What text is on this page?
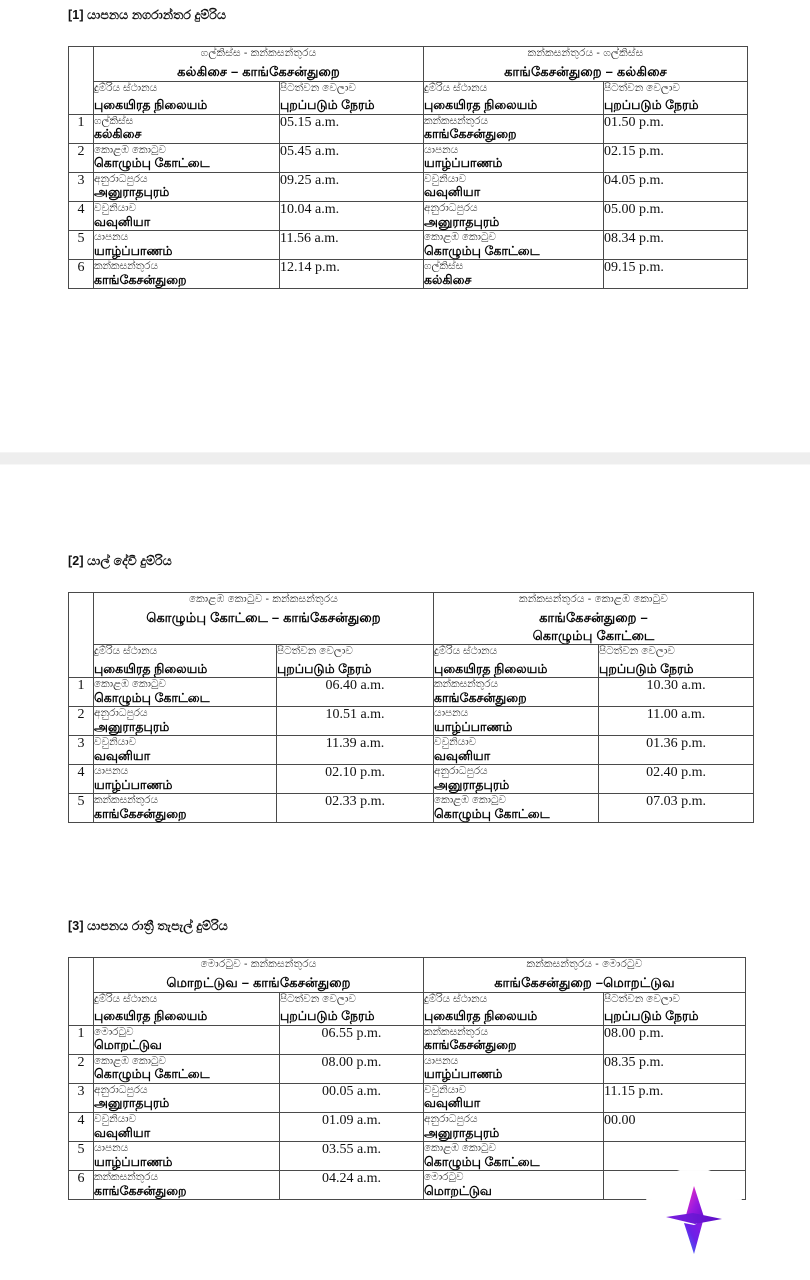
[1] යාපනය නගරාන්තර දුම්රිය

	ගල්කිස්ස - කන්කසන්තුරය
கல்கிசை – காங்கேசன்துறை		කන්කසන්තුරය - ගල්කිස්ස
காங்கேசன்துறை – கல்கிசை	

	දුම්රිය ස්ථානය
புகையிரத நிலையம்	පිටත්වන වෙලාව
புறப்படும் நேரம்	දුම්රිය ස්ථානය
புகையிரத நிலையம்	පිටත්වන වෙලාව
புறப்படும் நேரம்

1	ගල්කිස්ස
கல்கிசை	05.15 a.m.	කන්කසන්තුරය
காங்கேசன்துறை	01.50 p.m.
2	කොළඹ කොටුව
கொழும்பு கோட்டை	05.45 a.m.	යාපනය
யாழ்ப்பாணம்	02.15 p.m.
3	අනුරාධපුරය
அனுராதபுரம்	09.25 a.m.	වවුනියාව
வவுனியா	04.05 p.m.
4	වවුනියාව
வவுனியா	10.04 a.m.	අනුරාධපුරය
அனுராதபுரம்	05.00 p.m.
5	යාපනය
யாழ்ப்பாணம்	11.56 a.m.	කොළඹ කොටුව
கொழும்பு கோட்டை	08.34 p.m.
6	කන්කසන්තුරය
காங்கேசன்துறை	12.14 p.m.	ගල්කිස්ස
கல்கிசை	09.15 p.m.
[2] යාල් දේවී දුම්රිය

	කොළඹ කොටුව - කන්කසන්තුරය
கொழும்பு கோட்டை – காங்கேசன்துறை		කන්කසන්තුරය - කොළඹ කොටුව
காங்கேசன்துறை –
கொழும்பு கோட்டை	

	දුම්රිය ස්ථානය
புகையிரத நிலையம்	පිටත්වන වෙලාව
புறப்படும் நேரம்	දුම්රිය ස්ථානය
புகையிரத நிலையம்	පිටත්වන වෙලාව
புறப்படும் நேரம்

1	කොළඹ කොටුව
கொழும்பு கோட்டை	06.40 a.m.	කන්කසන්තුරය
காங்கேசன்துறை	10.30 a.m.
2	අනුරාධපුරය
அனுராதபுரம்	10.51 a.m.	යාපනය
யாழ்ப்பாணம்	11.00 a.m.
3	වවුනියාව
வவுனியா	11.39 a.m.	වවුනියාව
வவுனியா	01.36 p.m.
4	යාපනය
யாழ்ப்பாணம்	02.10 p.m.	අනුරාධපුරය
அனுராதபுரம்	02.40 p.m.
5	කන්කසන්තුරය
காங்கேசன்துறை	02.33 p.m.	කොළඹ කොටුව
கொழும்பு கோட்டை	07.03 p.m.
[3] යාපනය රාත්‍රී තැපැල් දුම්රිය

	මොරටුව - කන්කසන්තුරය
மொறட்டுவ – காங்கேசன்துறை		කන්කසන්තුරය - මොරටුව
காங்கேசன்துறை –மொறட்டுவ	

	දුම්රිය ස්ථානය
புகையிரத நிலையம்	පිටත්වන වෙලාව
புறப்படும் நேரம்	දුම්රිය ස්ථානය
புகையிரத நிலையம்	පිටත්වන වෙලාව
புறப்படும் நேரம்

1	මොරටුව
மொறட்டுவ	06.55 p.m.	කන්කසන්තුරය
காங்கேசன்துறை	08.00 p.m.
2	කොළඹ කොටුව
கொழும்பு கோட்டை	08.00 p.m.	යාපනය
யாழ்ப்பாணம்	08.35 p.m.
3	අනුරාධපුරය
அனுராதபுரம்	00.05 a.m.	වවුනියාව
வவுனியா	11.15 p.m.
4	වවුනියාව
வவுனியா	01.09 a.m.	අනුරාධපුරය
அனுராதபுரம்	00.00
5	යාපනය
யாழ்ப்பாணம்	03.55 a.m.	කොළඹ කොටුව
கொழும்பு கோட்டை	

6	කන්කසන්තුරය
காங்கேசன்துறை	04.24 a.m.	මොරටුව
மொறட்டுவ	
